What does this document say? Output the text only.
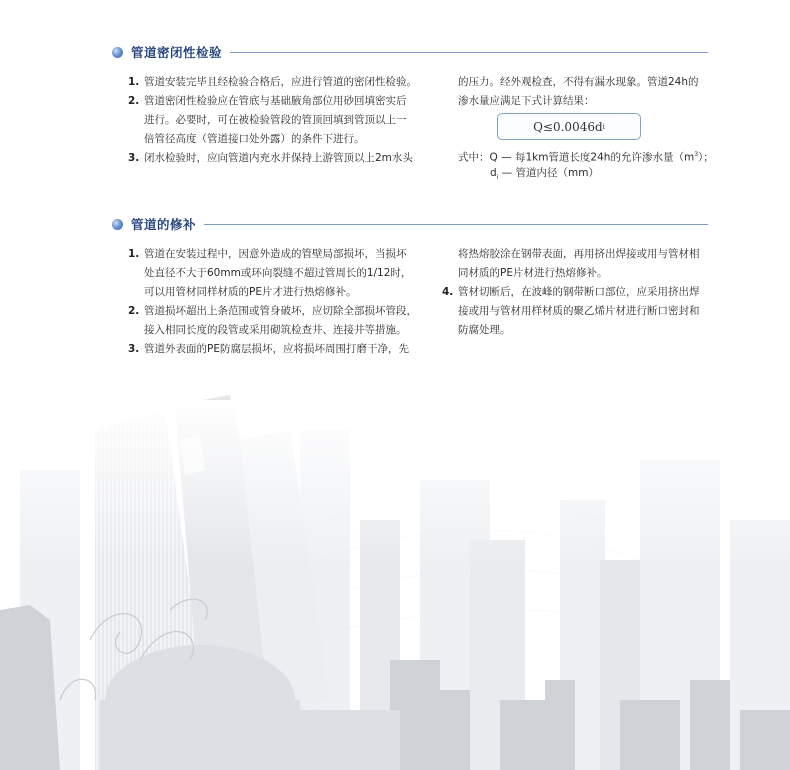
管道密闭性检验
1. 管道安装完毕且经检验合格后，应进行管道的密闭性检验。
2. 管道密闭性检验应在管底与基础腋角部位用砂回填密实后
进行。必要时，可在被检验管段的管顶回填到管顶以上一
倍管径高度（管道接口处外露）的条件下进行。
3. 闭水检验时，应向管道内充水并保持上游管顶以上2m水头
的压力。经外观检查，不得有漏水现象。管道24h的
渗水量应满足下式计算结果：
Q≤0.0046d i
式中：Q — 每1km管道长度24h的允许渗水量$(m^3)$；
$d_i$ — 管道内径（mm）
管道的修补
1. 管道在安装过程中，因意外造成的管壁局部损坏，当损坏
处直径不大于60mm或环向裂缝不超过管周长的1/12时，
可以用管材同样材质的PE片才进行热熔修补。
2. 管道损坏超出上条范围或管身破坏，应切除全部损坏管段，
接入相同长度的段管或采用砌筑检查井、连接井等措施。
3. 管道外表面的PE防腐层损坏，应将损坏周围打磨干净，先
将热熔胶涂在钢带表面，再用挤出焊接或用与管材相
同材质的PE片材进行热熔修补。
4. 管材切断后，在波峰的钢带断口部位，应采用挤出焊
接或用与管材用样材质的聚乙烯片材进行断口密封和
防腐处理。
